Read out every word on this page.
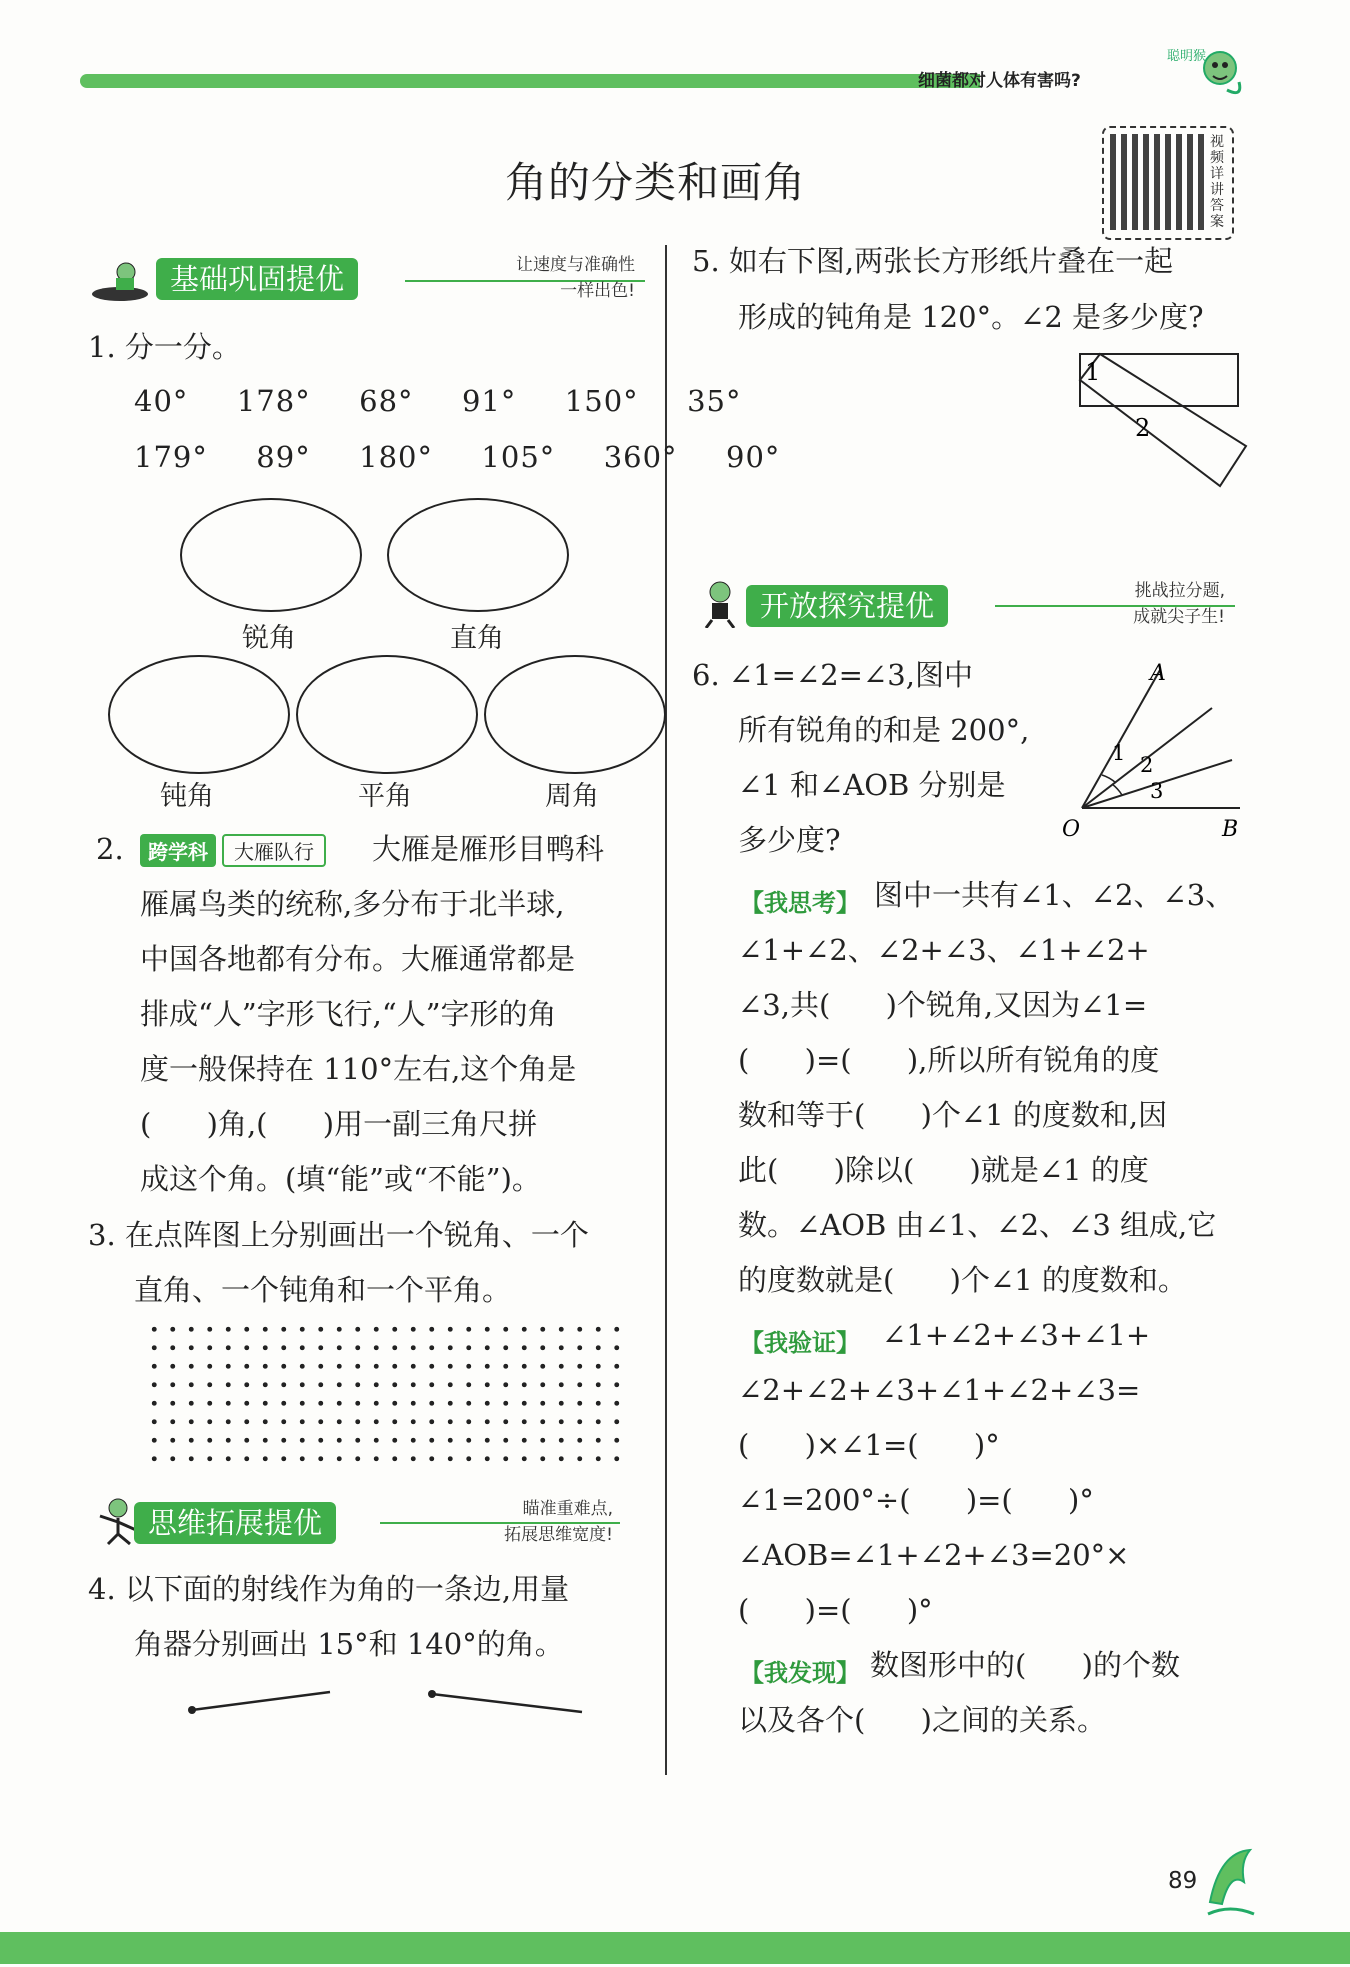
细菌都对人体有害吗?
聪明猴
视频详讲答案
角的分类和画角
基础巩固提优	让速度与准确性
一样出色!
1. 分一分。
40°  178°  68°  91°  150°  35°
179°  89°  180°  105°  360°  90°
锐角	直角
钝角	平角	周角
2.	跨学科	大雁队行	大雁是雁形目鸭科
雁属鸟类的统称,多分布于北半球,
中国各地都有分布。大雁通常都是
排成“人”字形飞行,“人”字形的角
度一般保持在 110°左右,这个角是
(      )角,(      )用一副三角尺拼
成这个角。(填“能”或“不能”)。
3. 在点阵图上分别画出一个锐角、一个
直角、一个钝角和一个平角。
思维拓展提优	瞄准重难点,
拓展思维宽度!
4. 以下面的射线作为角的一条边,用量
角器分别画出 15°和 140°的角。
5. 如右下图,两张长方形纸片叠在一起
形成的钝角是 120°。∠2 是多少度?
1
2
开放探究提优	挑战拉分题,
成就尖子生!
6. ∠1=∠2=∠3,图中
所有锐角的和是 200°,
∠1 和∠AOB 分别是
多少度?
A
O	B
1 2
3
【我思考】 图中一共有∠1、∠2、∠3、
∠1+∠2、∠2+∠3、∠1+∠2+
∠3,共(      )个锐角,又因为∠1=
(      )=(      ),所以所有锐角的度
数和等于(      )个∠1 的度数和,因
此(      )除以(      )就是∠1 的度
数。∠AOB 由∠1、∠2、∠3 组成,它
的度数就是(      )个∠1 的度数和。
【我验证】 ∠1+∠2+∠3+∠1+
∠2+∠2+∠3+∠1+∠2+∠3=
(      )×∠1=(      )°
∠1=200°÷(      )=(      )°
∠AOB=∠1+∠2+∠3=20°×
(      )=(      )°
【我发现】 数图形中的(      )的个数
以及各个(      )之间的关系。
89
